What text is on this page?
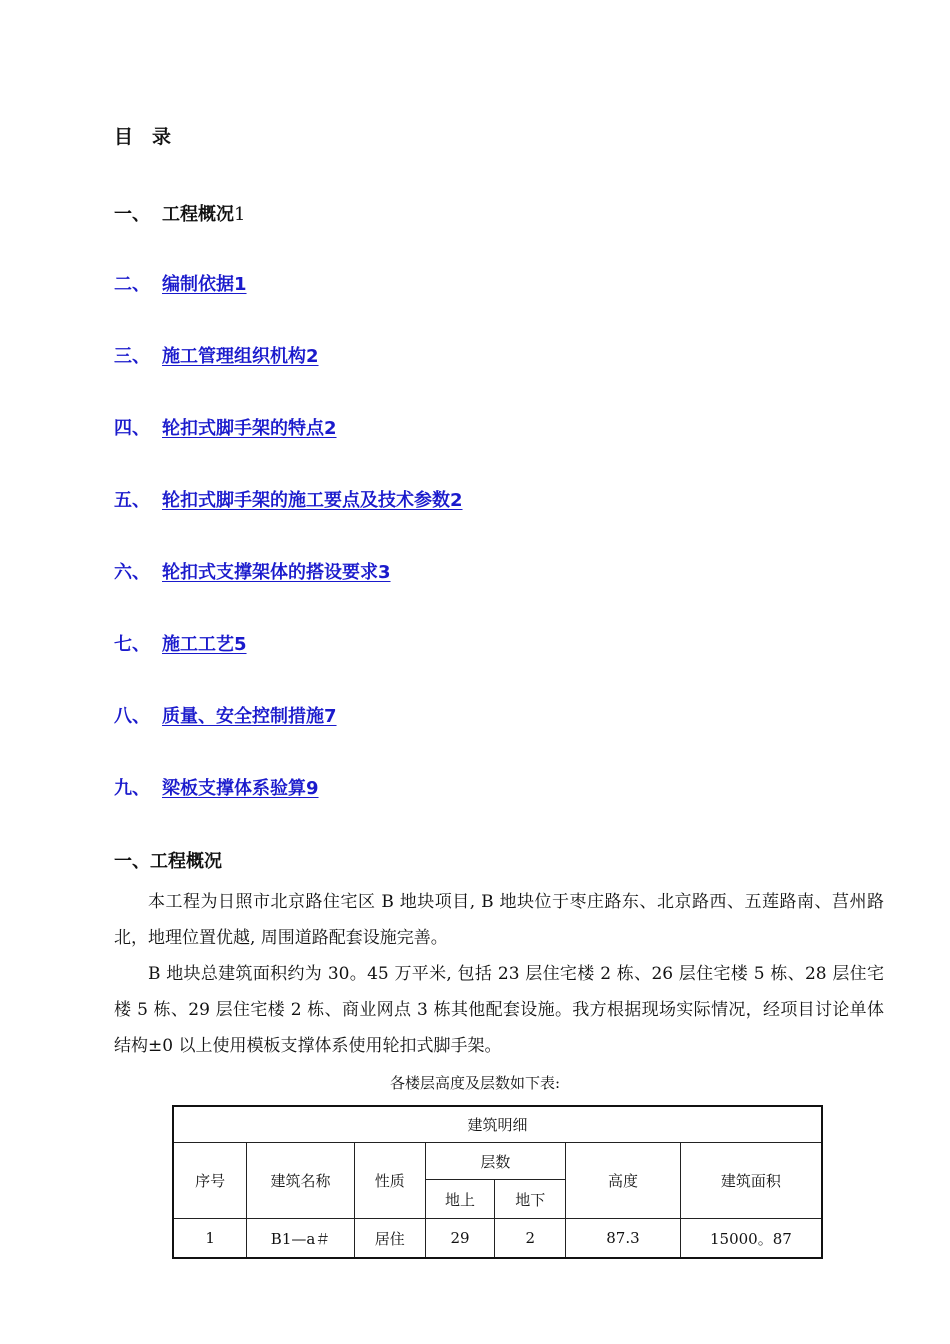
目 录
一、 工程概况1
二、 编制依据1
三、 施工管理组织机构2
四、 轮扣式脚手架的特点2
五、 轮扣式脚手架的施工要点及技术参数2
六、 轮扣式支撑架体的搭设要求3
七、 施工工艺5
八、 质量、安全控制措施7
九、 梁板支撑体系验算9
一、工程概况
本工程为日照市北京路住宅区 B 地块项目, B 地块位于枣庄路东、北京路西、五莲路南、莒州路北，地理位置优越, 周围道路配套设施完善。
B 地块总建筑面积约为 30。45 万平米, 包括 23 层住宅楼 2 栋、26 层住宅楼 5 栋、28 层住宅楼 5 栋、29 层住宅楼 2 栋、商业网点 3 栋其他配套设施。我方根据现场实际情况，经项目讨论单体结构±0 以上使用模板支撑体系使用轮扣式脚手架。
各楼层高度及层数如下表:
建筑明细						
序号	建筑名称	性质	层数		高度	建筑面积
			地上	地下		
1	B1—a＃	居住	29	2	87.3	15000。87
